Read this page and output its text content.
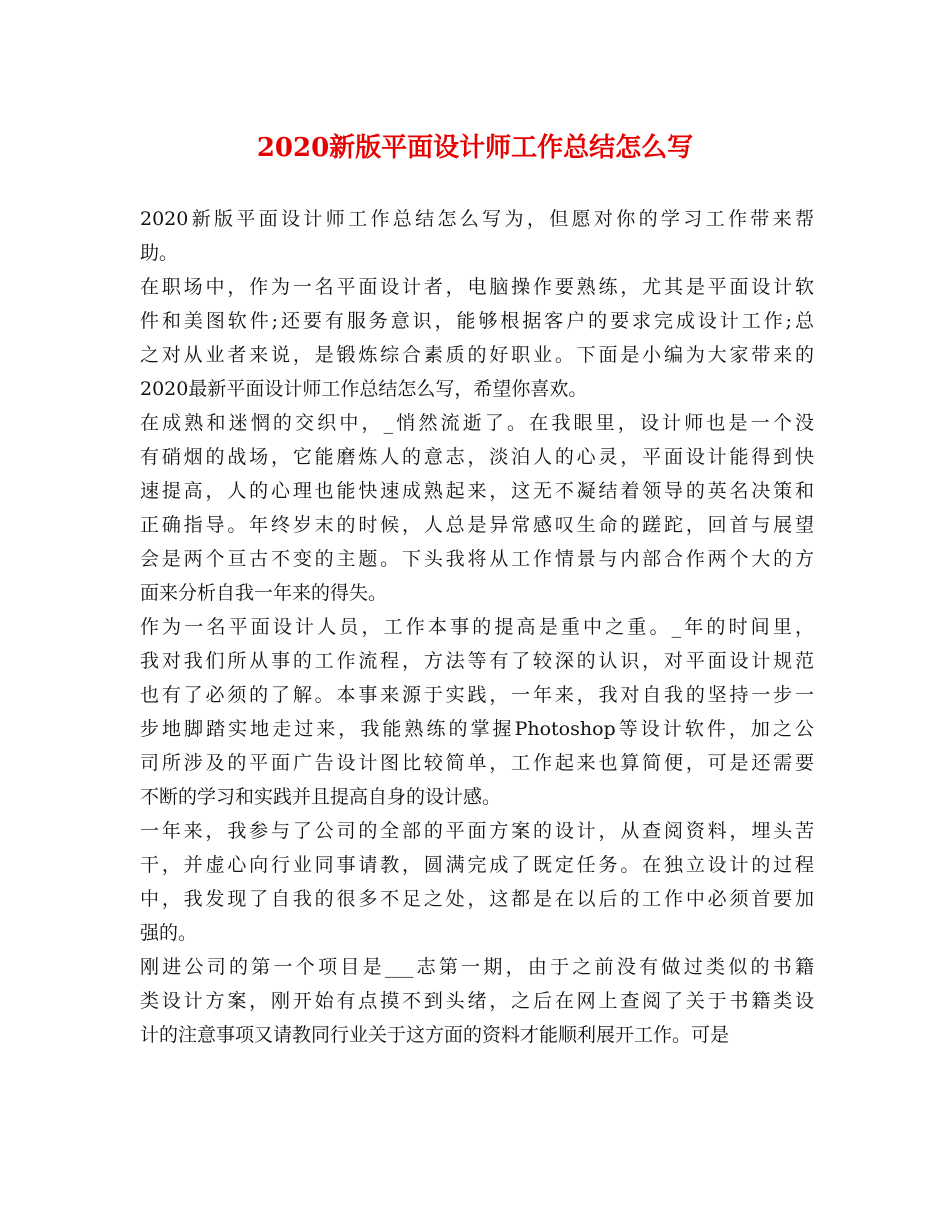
2020新版平面设计师工作总结怎么写
2020新版平面设计师工作总结怎么写为，但愿对你的学习工作带来帮
助。
在职场中，作为一名平面设计者，电脑操作要熟练，尤其是平面设计软
件和美图软件;还要有服务意识，能够根据客户的要求完成设计工作;总
之对从业者来说，是锻炼综合素质的好职业。下面是小编为大家带来的
2020最新平面设计师工作总结怎么写，希望你喜欢。
在成熟和迷惘的交织中，_悄然流逝了。在我眼里，设计师也是一个没
有硝烟的战场，它能磨炼人的意志，淡泊人的心灵，平面设计能得到快
速提高，人的心理也能快速成熟起来，这无不凝结着领导的英名决策和
正确指导。年终岁末的时候，人总是异常感叹生命的蹉跎，回首与展望
会是两个亘古不变的主题。下头我将从工作情景与内部合作两个大的方
面来分析自我一年来的得失。
作为一名平面设计人员，工作本事的提高是重中之重。_年的时间里，
我对我们所从事的工作流程，方法等有了较深的认识，对平面设计规范
也有了必须的了解。本事来源于实践，一年来，我对自我的坚持一步一
步地脚踏实地走过来，我能熟练的掌握Photoshop等设计软件，加之公
司所涉及的平面广告设计图比较简单，工作起来也算简便，可是还需要
不断的学习和实践并且提高自身的设计感。
一年来，我参与了公司的全部的平面方案的设计，从查阅资料，埋头苦
干，并虚心向行业同事请教，圆满完成了既定任务。在独立设计的过程
中，我发现了自我的很多不足之处，这都是在以后的工作中必须首要加
强的。
刚进公司的第一个项目是___志第一期，由于之前没有做过类似的书籍
类设计方案，刚开始有点摸不到头绪，之后在网上查阅了关于书籍类设
计的注意事项又请教同行业关于这方面的资料才能顺利展开工作。可是
